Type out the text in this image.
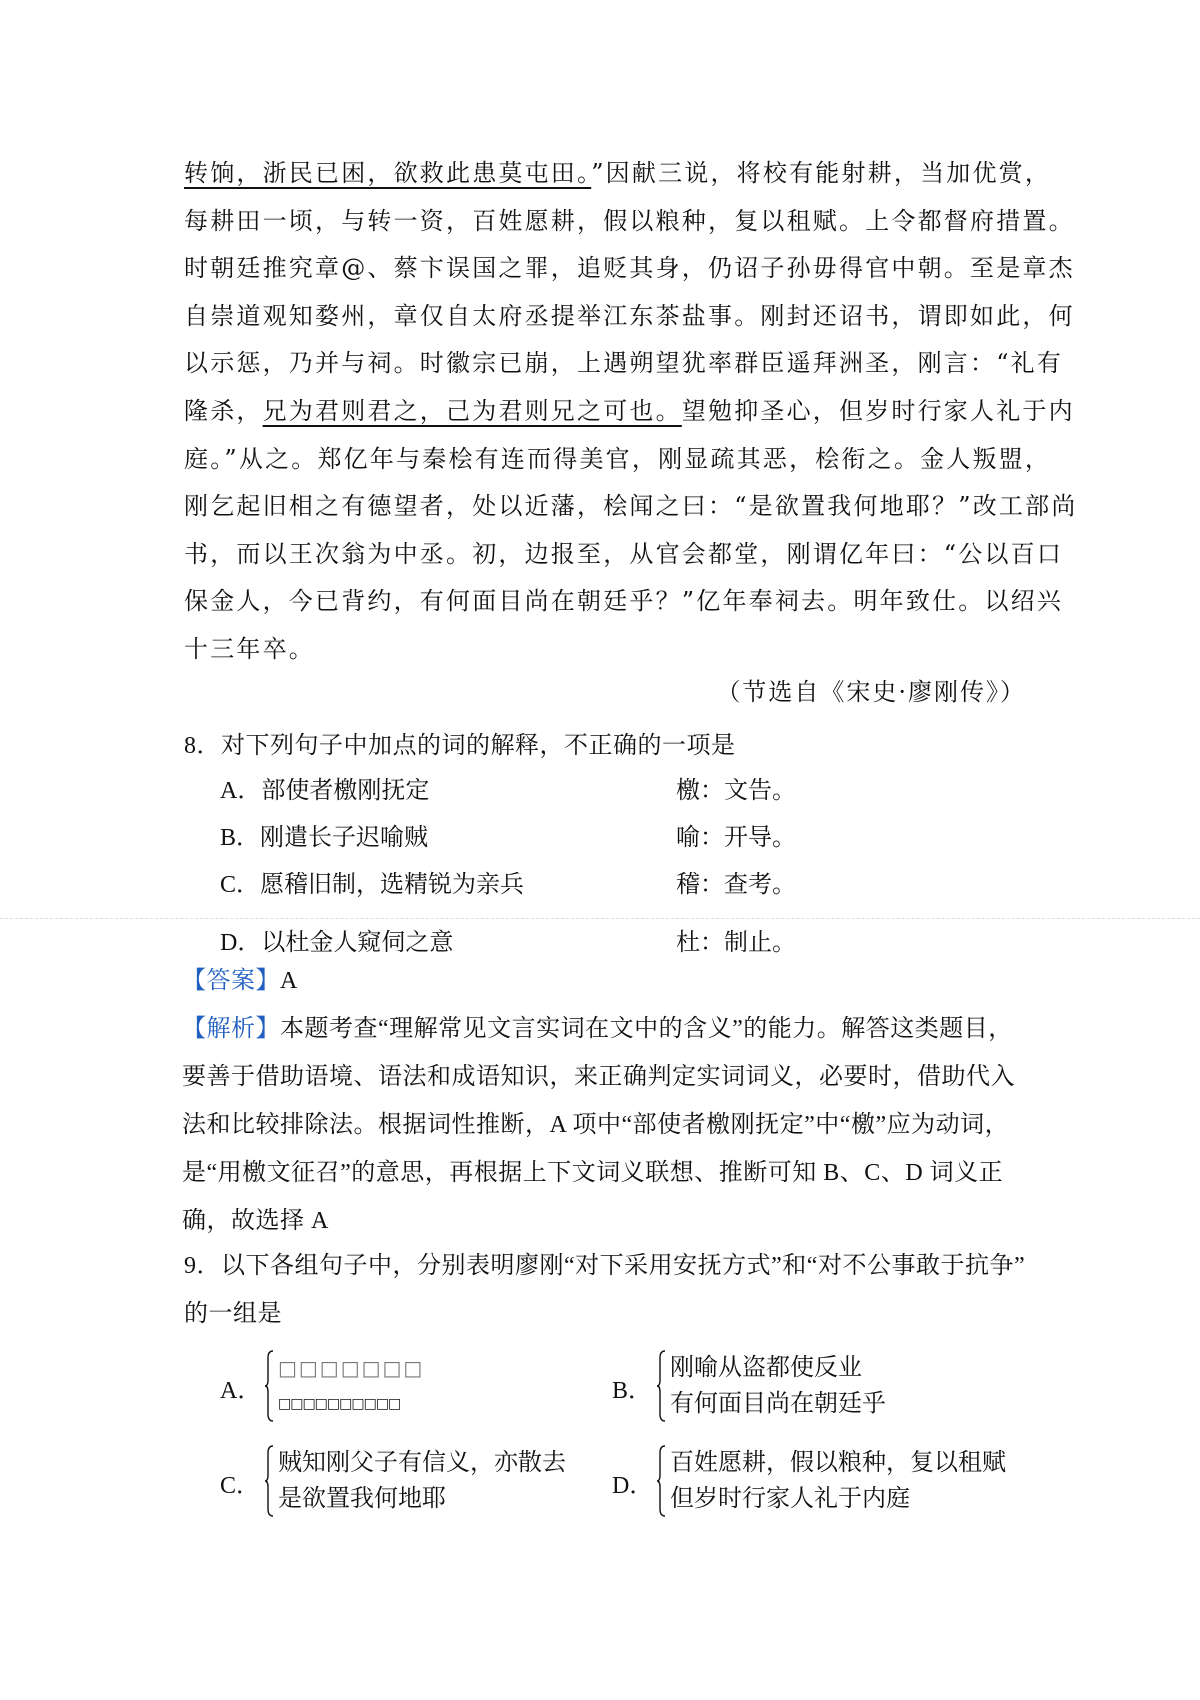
转饷，浙民已困，欲救此患莫屯田。”因献三说，将校有能射耕，当加优赏，
每耕田一顷，与转一资，百姓愿耕，假以粮种，复以租赋。上令都督府措置。
时朝廷推究章@、蔡卞误国之罪，追贬其身，仍诏子孙毋得官中朝。至是章杰
自崇道观知婺州，章仅自太府丞提举江东茶盐事。刚封还诏书，谓即如此，何
以示惩，乃并与祠。时徽宗已崩，上遇朔望犹率群臣遥拜洲圣，刚言：“礼有
隆杀，兄为君则君之，己为君则兄之可也。望勉抑圣心，但岁时行家人礼于内
庭。”从之。郑亿年与秦桧有连而得美官，刚显疏其恶，桧衔之。金人叛盟，
刚乞起旧相之有德望者，处以近藩，桧闻之曰：“是欲置我何地耶？”改工部尚
书，而以王次翁为中丞。初，边报至，从官会都堂，刚谓亿年曰：“公以百口
保金人，今已背约，有何面目尚在朝廷乎？”亿年奉祠去。明年致仕。以绍兴
十三年卒。
（节选自《宋史·廖刚传》）
8．对下列句子中加点的词的解释，不正确的一项是
A．部使者檄刚抚定	檄：文告。
B．刚遣长子迟喻贼	喻：开导。
C．愿稽旧制，选精锐为亲兵	稽：查考。
D．以杜金人窥伺之意	杜：制止。
【答案】A
【解析】本题考查“理解常见文言实词在文中的含义”的能力。解答这类题目，
要善于借助语境、语法和成语知识，来正确判定实词词义，必要时，借助代入
法和比较排除法。根据词性推断，A 项中“部使者檄刚抚定”中“檄”应为动词，
是“用檄文征召”的意思，再根据上下文词义联想、推断可知 B、C、D 词义正
确，故选择 A
9．以下各组句子中，分别表明廖刚“对下采用安抚方式”和“对不公事敢于抗争”
的一组是
A．
□□□□□□□
□□□□□□□□□□	B．
刚喻从盗都使反业
有何面目尚在朝廷乎
C．
贼知刚父子有信义，亦散去
是欲置我何地耶	D．
百姓愿耕，假以粮种，复以租赋
但岁时行家人礼于内庭
